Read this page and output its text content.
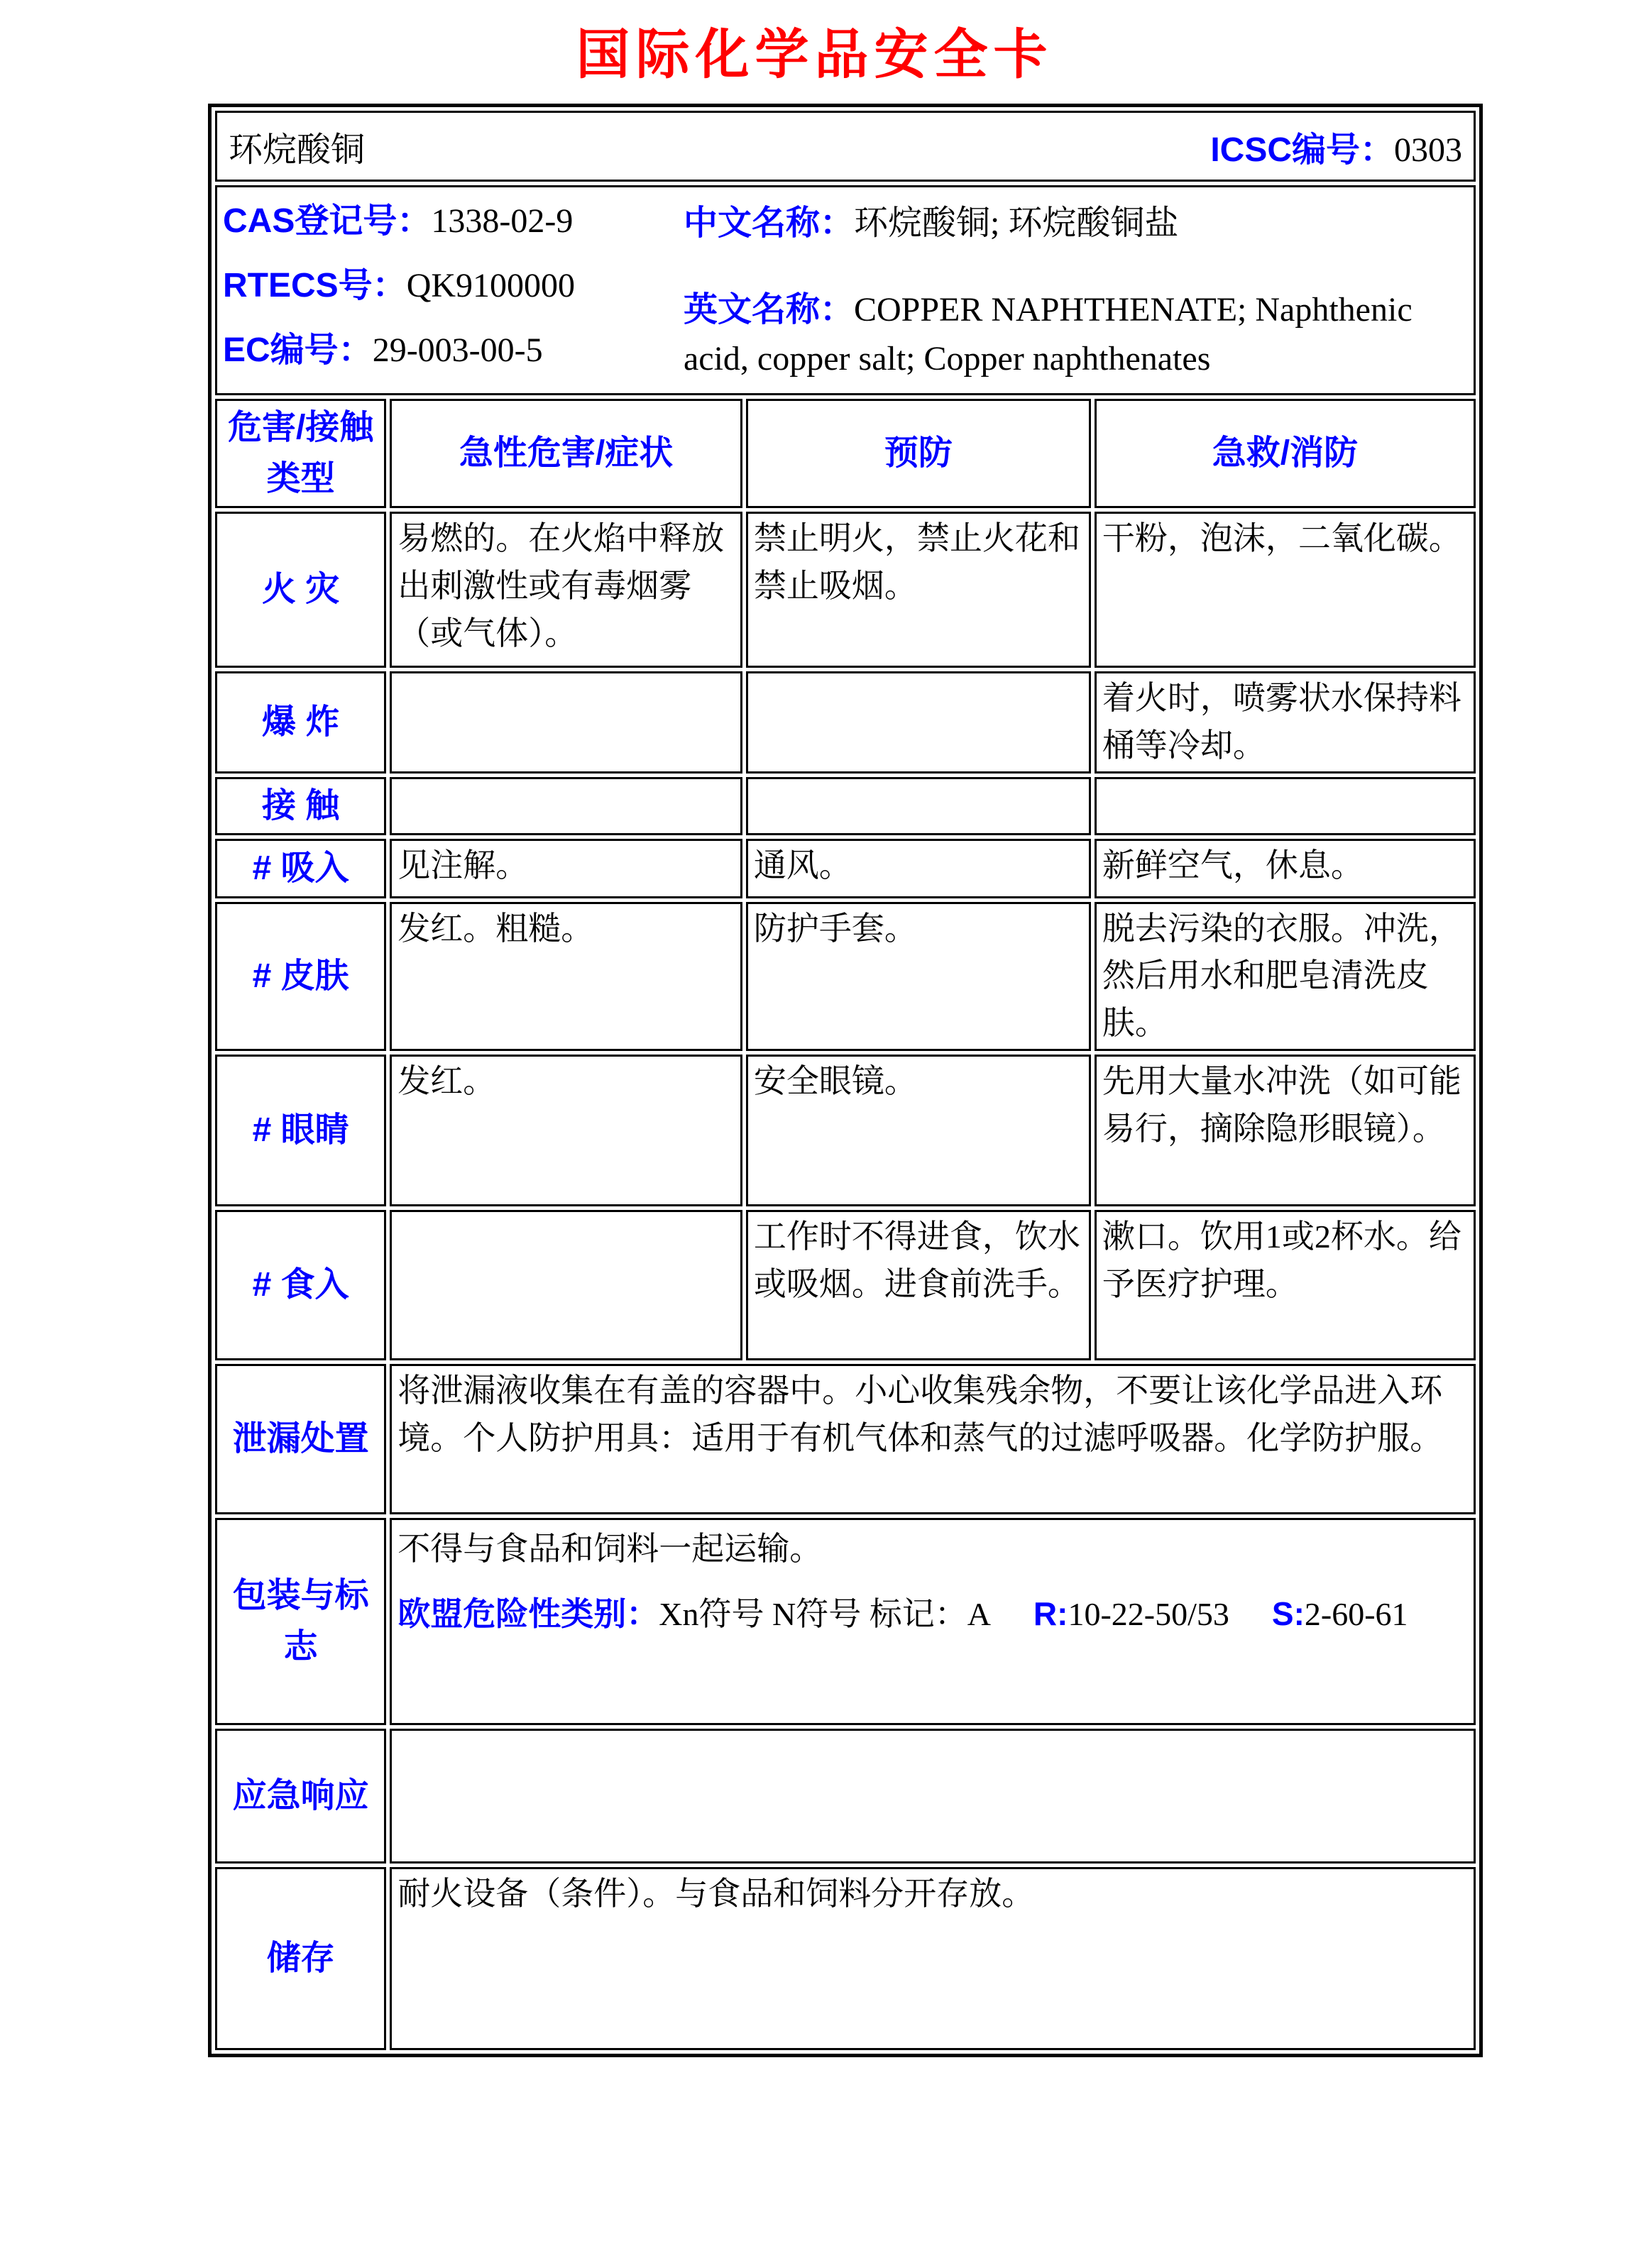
国际化学品安全卡
环烷酸铜 ICSC编号：0303			

CAS登记号：1338-02-9

RTECS号：QK9100000

EC编号：29-003-00-5

中文名称：环烷酸铜; 环烷酸铜盐

英文名称：COPPER NAPHTHENATE; Naphthenic acid, copper salt; Copper naphthenates			

危害/接触
类型	急性危害/症状	预防	急救/消防
火 灾	易燃的。在火焰中释放出刺激性或有毒烟雾（或气体）。	禁止明火，禁止火花和禁止吸烟。	干粉，泡沫，二氧化碳。
爆 炸			着火时，喷雾状水保持料桶等冷却。
接 触			
# 吸入	见注解。	通风。	新鲜空气，休息。
# 皮肤	发红。粗糙。	防护手套。	脱去污染的衣服。冲洗，然后用水和肥皂清洗皮肤。
# 眼睛	发红。	安全眼镜。	先用大量水冲洗（如可能易行，摘除隐形眼镜）。
# 食入		工作时不得进食，饮水或吸烟。进食前洗手。	漱口。饮用1或2杯水。给予医疗护理。
泄漏处置	将泄漏液收集在有盖的容器中。小心收集残余物，不要让该化学品进入环境。个人防护用具：适用于有机气体和蒸气的过滤呼吸器。化学防护服。		
包装与标志	不得与食品和饲料一起运输。
欧盟危险性类别：Xn符号 N符号 标记：A R:10-22-50/53 S:2-60-61		

应急响应			
储存	耐火设备（条件）。与食品和饲料分开存放。		
